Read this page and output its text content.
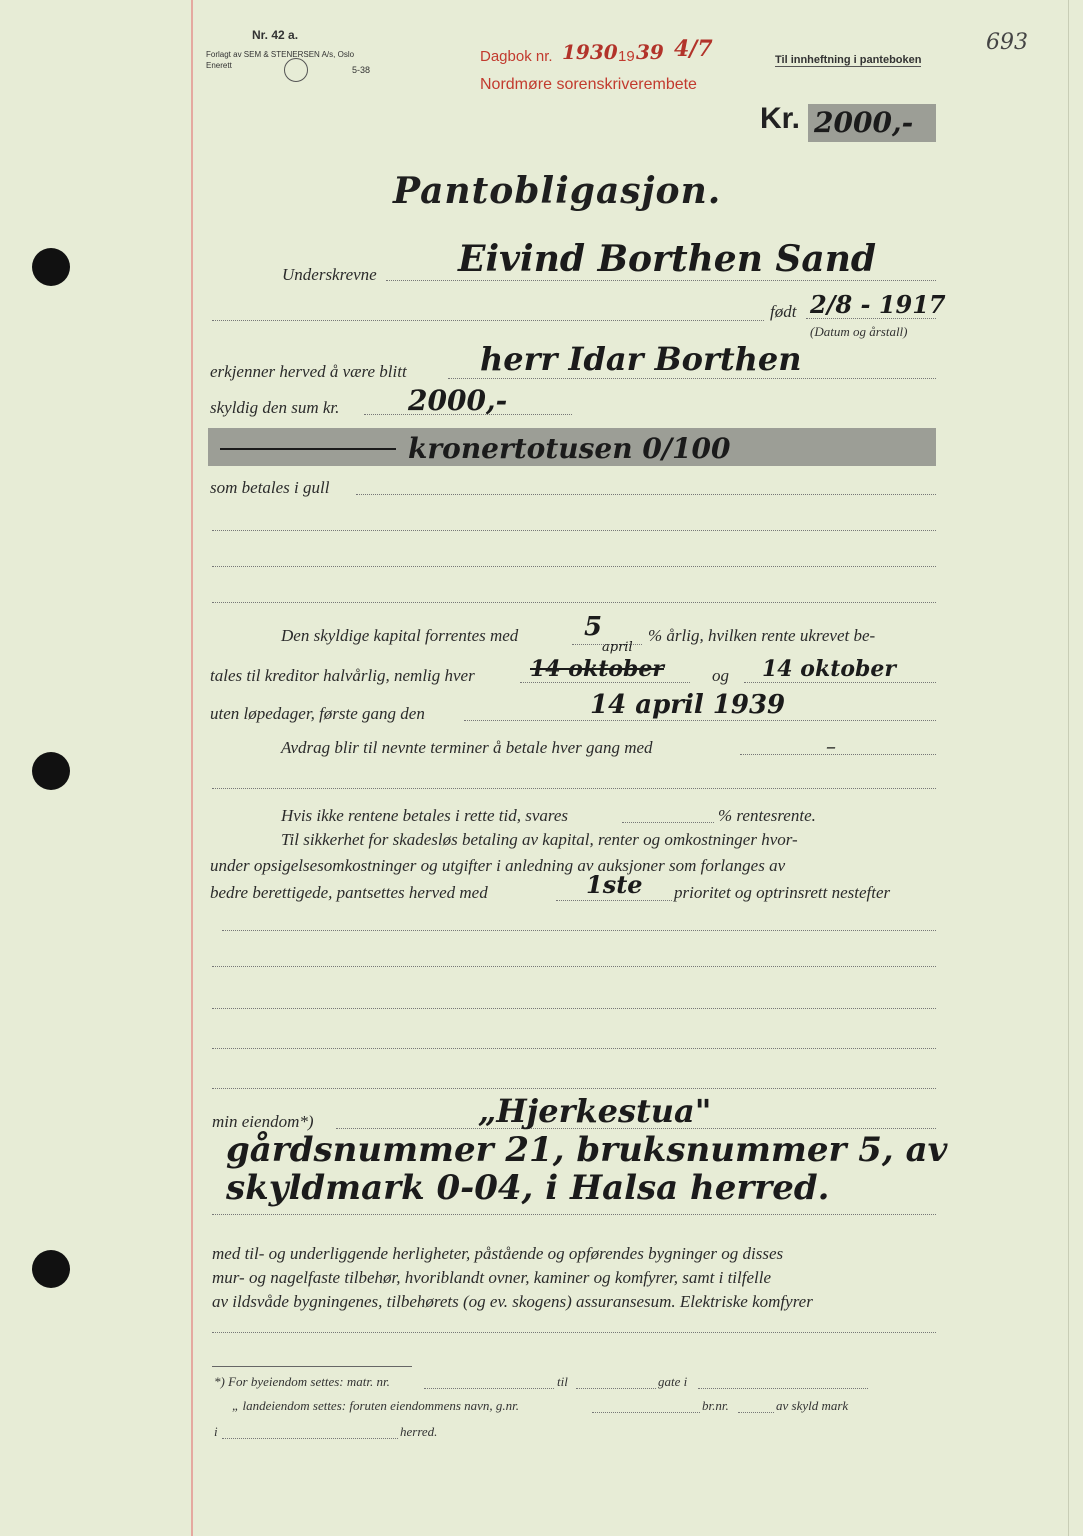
Nr. 42 a.
Forlagt av SEM & STENERSEN A/s, Oslo
Enerett	5-38
Dagbok nr. 1930 19 39 4/7
Nordmøre sorenskriverembete
Til innheftning i panteboken
693
Kr. 2000,-
Pantobligasjon.
Underskrevne Eivind Borthen Sand
født 2/8 - 1917
(Datum og årstall)
erkjenner herved å være blitt herr Idar Borthen
skyldig den sum kr. 2000,-
kronertotusen 0/100
som betales i gull
Den skyldige kapital forrentes med	5	% årlig, hvilken rente ukrevet be-
tales til kreditor halvårlig, nemlig hver
april
14 oktober	og 14 oktober
uten løpedager, første gang den	14 april 1939
Avdrag blir til nevnte terminer å betale hver gang med	–
Hvis ikke rentene betales i rette tid, svares	% rentesrente.
Til sikkerhet for skadesløs betaling av kapital, renter og omkostninger hvor-
under opsigelsesomkostninger og utgifter i anledning av auksjoner som forlanges av
bedre berettigede, pantsettes herved med	1ste prioritet og optrinsrett nestefter
min eiendom*)	„Hjerkestua"
gårdsnummer 21, bruksnummer 5, av
skyldmark 0-04, i Halsa herred.
med til- og underliggende herligheter, påstående og opførendes bygninger og disses
mur- og nagelfaste tilbehør, hvoriblandt ovner, kaminer og komfyrer, samt i tilfelle
av ildsvåde bygningenes, tilbehørets (og ev. skogens) assuransesum. Elektriske komfyrer
*) For byeiendom settes: matr. nr.	til	gate i
„ landeiendom settes: foruten eiendommens navn, g.nr.	br.nr.	av skyld mark
i	herred.
